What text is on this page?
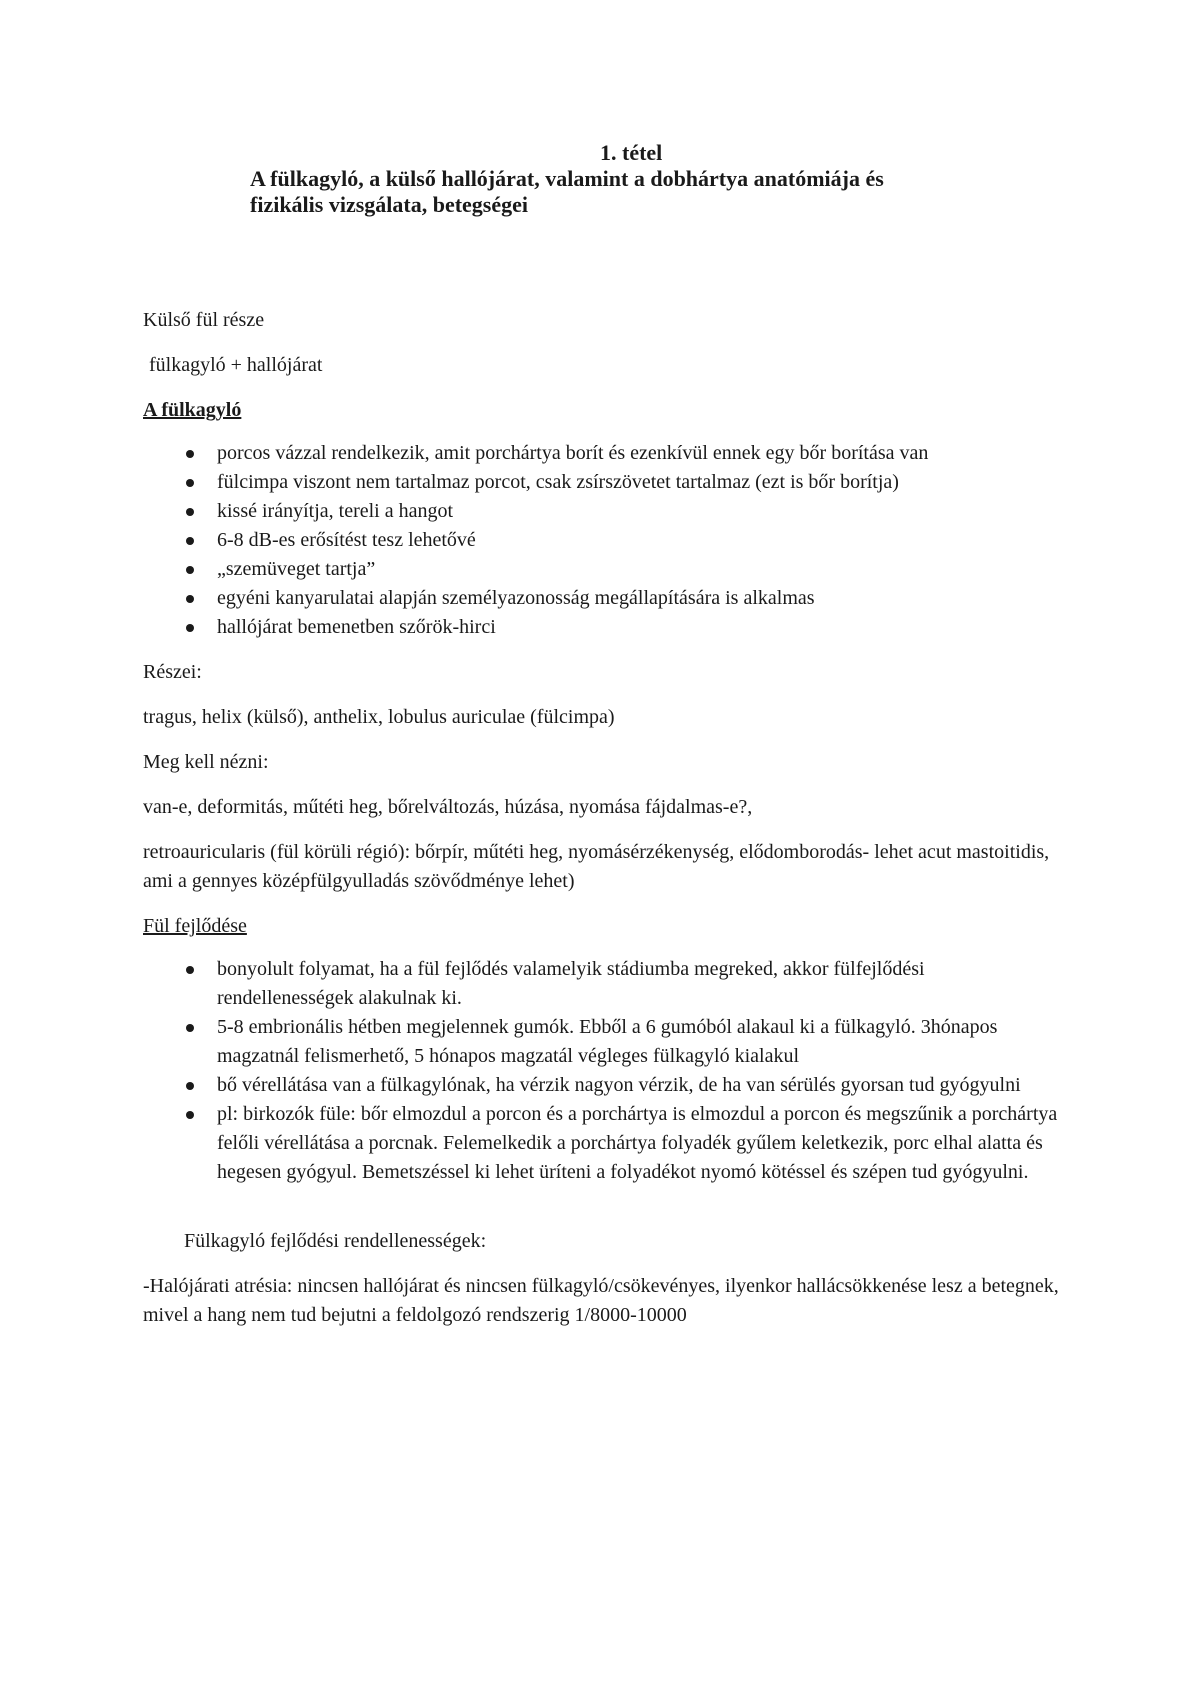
1. tétel
A fülkagyló, a külső hallójárat, valamint a dobhártya anatómiája és
fizikális vizsgálata, betegségei

Külső fül része

fülkagyló + hallójárat

A fülkagyló

porcos vázzal rendelkezik, amit porchártya borít és ezenkívül ennek egy bőr borítása van
fülcimpa viszont nem tartalmaz porcot, csak zsírszövetet tartalmaz (ezt is bőr borítja)
kissé irányítja, tereli a hangot
6-8 dB-es erősítést tesz lehetővé
„szemüveget tartja”
egyéni kanyarulatai alapján személyazonosság megállapítására is alkalmas
hallójárat bemenetben szőrök-hirci

Részei:

tragus, helix (külső), anthelix, lobulus auriculae (fülcimpa)

Meg kell nézni:

van-e, deformitás, műtéti heg, bőrelváltozás, húzása, nyomása fájdalmas-e?,

retroauricularis (fül körüli régió): bőrpír, műtéti heg, nyomásérzékenység, elődomborodás- lehet acut mastoitidis, ami a gennyes középfülgyulladás szövődménye lehet)

Fül fejlődése

bonyolult folyamat, ha a fül fejlődés valamelyik stádiumba megreked, akkor fülfejlődési rendellenességek alakulnak ki.
5-8 embrionális hétben megjelennek gumók. Ebből a 6 gumóból alakaul ki a fülkagyló. 3hónapos magzatnál felismerhető, 5 hónapos magzatál végleges fülkagyló kialakul
bő vérellátása van a fülkagylónak, ha vérzik nagyon vérzik, de ha van sérülés gyorsan tud gyógyulni
pl: birkozók füle: bőr elmozdul a porcon és a porchártya is elmozdul a porcon és megszűnik a porchártya felőli vérellátása a porcnak. Felemelkedik a porchártya folyadék gyűlem keletkezik, porc elhal alatta és hegesen gyógyul. Bemetszéssel ki lehet üríteni a folyadékot nyomó kötéssel és szépen tud gyógyulni.

Fülkagyló fejlődési rendellenességek:

-Halójárati atrésia: nincsen hallójárat és nincsen fülkagyló/csökevényes, ilyenkor hallácsökkenése lesz a betegnek, mivel a hang nem tud bejutni a feldolgozó rendszerig 1/8000-10000
